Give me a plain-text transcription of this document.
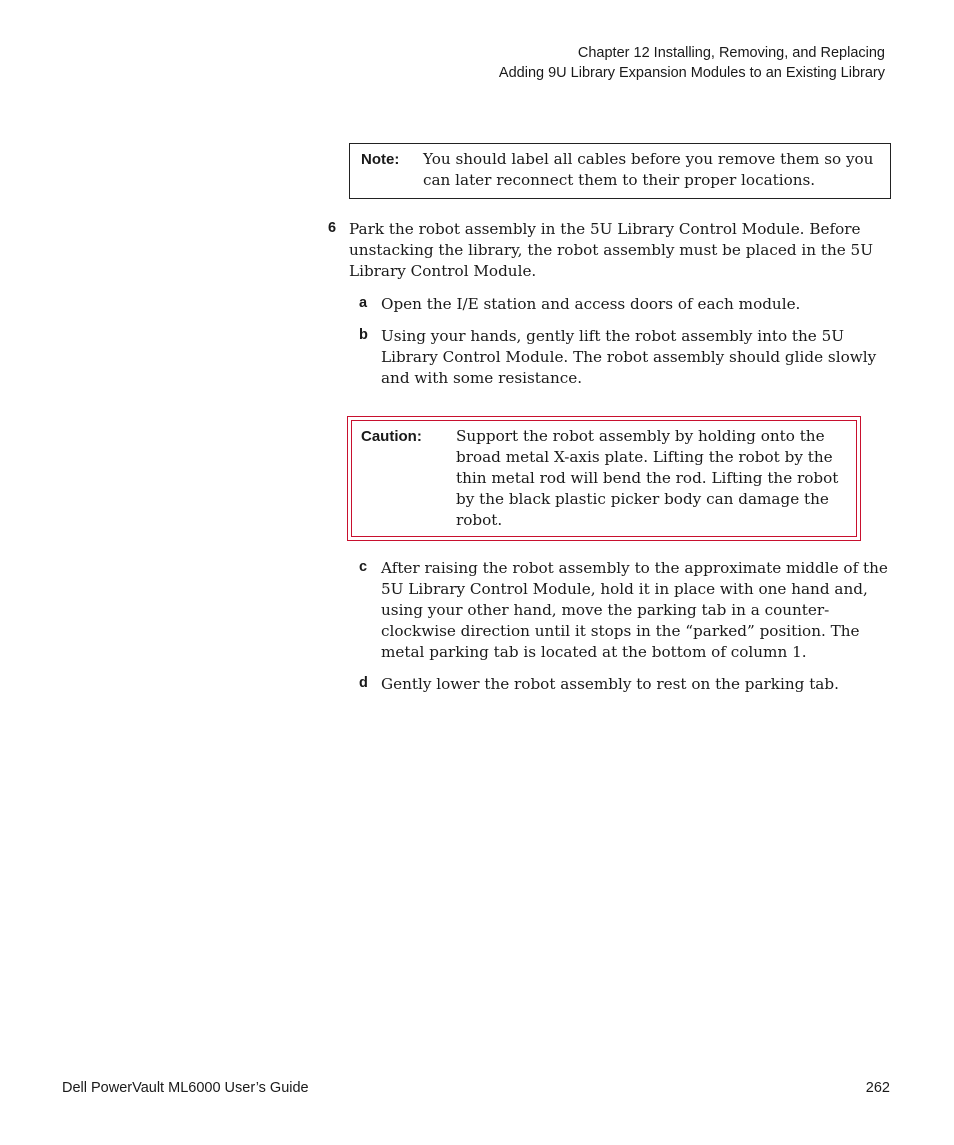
Chapter 12 Installing, Removing, and Replacing
Adding 9U Library Expansion Modules to an Existing Library
Note: You should label all cables before you remove them so you can later reconnect them to their proper locations.
6 Park the robot assembly in the 5U Library Control Module. Before unstacking the library, the robot assembly must be placed in the 5U Library Control Module.
a Open the I/E station and access doors of each module.
b Using your hands, gently lift the robot assembly into the 5U Library Control Module. The robot assembly should glide slowly and with some resistance.
Caution: Support the robot assembly by holding onto the broad metal X-axis plate. Lifting the robot by the thin metal rod will bend the rod. Lifting the robot by the black plastic picker body can damage the robot.
c After raising the robot assembly to the approximate middle of the 5U Library Control Module, hold it in place with one hand and, using your other hand, move the parking tab in a counter-clockwise direction until it stops in the “parked” position. The metal parking tab is located at the bottom of column 1.
d Gently lower the robot assembly to rest on the parking tab.
Dell PowerVault ML6000 User’s Guide	262
